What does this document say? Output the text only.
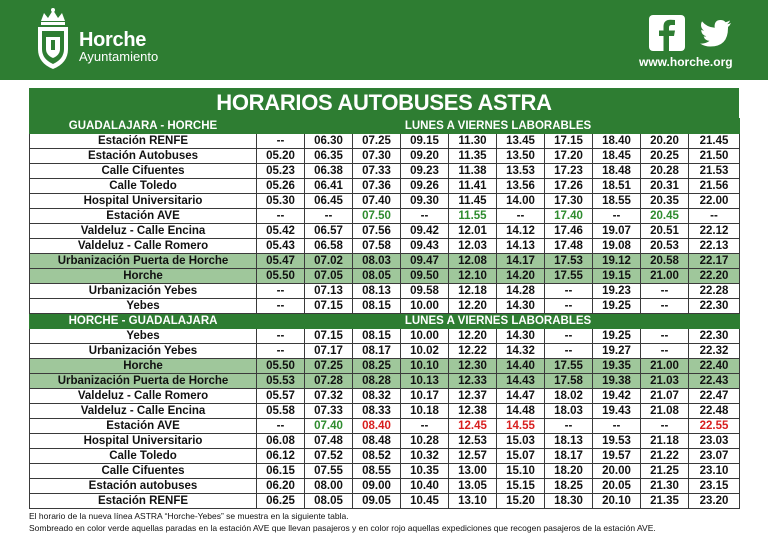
Horche
Ayuntamiento	www.horche.org
HORARIOS AUTOBUSES ASTRA
GUADALAJARA - HORCHE	LUNES A VIERNES LABORABLES									
Estación RENFE	--	06.30	07.25	09.15	11.30	13.45	17.15	18.40	20.20	21.45
Estación Autobuses	05.20	06.35	07.30	09.20	11.35	13.50	17.20	18.45	20.25	21.50
Calle Cifuentes	05.23	06.38	07.33	09.23	11.38	13.53	17.23	18.48	20.28	21.53
Calle Toledo	05.26	06.41	07.36	09.26	11.41	13.56	17.26	18.51	20.31	21.56
Hospital Universitario	05.30	06.45	07.40	09.30	11.45	14.00	17.30	18.55	20.35	22.00
Estación AVE	--	--	07.50	--	11.55	--	17.40	--	20.45	--
Valdeluz - Calle Encina	05.42	06.57	07.56	09.42	12.01	14.12	17.46	19.07	20.51	22.12
Valdeluz - Calle Romero	05.43	06.58	07.58	09.43	12.03	14.13	17.48	19.08	20.53	22.13
Urbanización Puerta de Horche	05.47	07.02	08.03	09.47	12.08	14.17	17.53	19.12	20.58	22.17
Horche	05.50	07.05	08.05	09.50	12.10	14.20	17.55	19.15	21.00	22.20
Urbanización Yebes	--	07.13	08.13	09.58	12.18	14.28	--	19.23	--	22.28
Yebes	--	07.15	08.15	10.00	12.20	14.30	--	19.25	--	22.30
HORCHE - GUADALAJARA	LUNES A VIERNES LABORABLES									
Yebes	--	07.15	08.15	10.00	12.20	14.30	--	19.25	--	22.30
Urbanización Yebes	--	07.17	08.17	10.02	12.22	14.32	--	19.27	--	22.32
Horche	05.50	07.25	08.25	10.10	12.30	14.40	17.55	19.35	21.00	22.40
Urbanización Puerta de Horche	05.53	07.28	08.28	10.13	12.33	14.43	17.58	19.38	21.03	22.43
Valdeluz - Calle Romero	05.57	07.32	08.32	10.17	12.37	14.47	18.02	19.42	21.07	22.47
Valdeluz - Calle Encina	05.58	07.33	08.33	10.18	12.38	14.48	18.03	19.43	21.08	22.48
Estación AVE	--	07.40	08.40	--	12.45	14.55	--	--	--	22.55
Hospital Universitario	06.08	07.48	08.48	10.28	12.53	15.03	18.13	19.53	21.18	23.03
Calle Toledo	06.12	07.52	08.52	10.32	12.57	15.07	18.17	19.57	21.22	23.07
Calle Cifuentes	06.15	07.55	08.55	10.35	13.00	15.10	18.20	20.00	21.25	23.10
Estación autobuses	06.20	08.00	09.00	10.40	13.05	15.15	18.25	20.05	21.30	23.15
Estación RENFE	06.25	08.05	09.05	10.45	13.10	15.20	18.30	20.10	21.35	23.20
El horario de la nueva línea ASTRA “Horche-Yebes” se muestra en la siguiente tabla.
Sombreado en color verde aquellas paradas en la estación AVE que llevan pasajeros y en color rojo aquellas expediciones que recogen pasajeros de la estación AVE.
